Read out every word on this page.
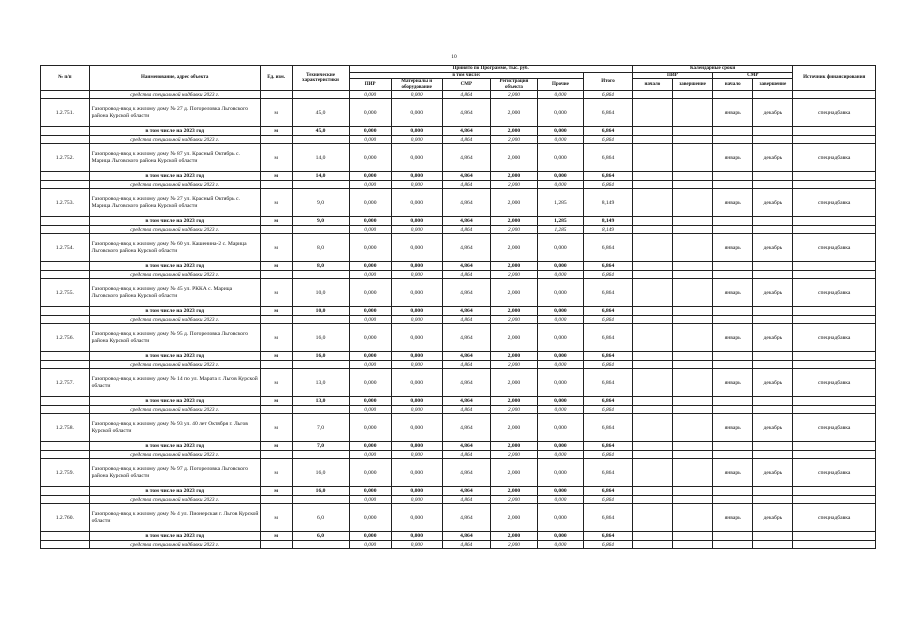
10
№ п/п	Наименование, адрес объекта	Ед. изм.	Технические характеристики	Принято по Программе, тыс. руб.						Календарные сроки				Источник финансирования
				в том числе:					Итого	ПИР		СМР		
				ПИР	Материалы и оборудование	СМР	Регистрация объекта	Прочие		начало	завершение	начало	завершение	

	средства специальной надбавки 2023 г.			0,000	0,000	4,864	2,000	0,000	6,864					
1.2.751.	Газопровод-ввод к жилому дому № 27 д. Погореловка Льговского района Курской области	м	45,0	0,000	0,000	4,864	2,000	0,000	6,864			январь	декабрь	спецнадбавка
	в том числе на 2023 год	м	45,0	0,000	0,000	4,864	2,000	0,000	6,864					
	средства специальной надбавки 2023 г.			0,000	0,000	4,864	2,000	0,000	6,864					
1.2.752.	Газопровод-ввод к жилому дому № 87 ул. Красный Октябрь с. Марица Льговского района Курской области	м	14,0	0,000	0,000	4,864	2,000	0,000	6,864			январь	декабрь	спецнадбавка
	в том числе на 2023 год	м	14,0	0,000	0,000	4,864	2,000	0,000	6,864					
	средства специальной надбавки 2023 г.			0,000	0,000	4,864	2,000	0,000	6,864					
1.2.753.	Газопровод-ввод к жилому дому № 27 ул. Красный Октябрь с. Марица Льговского района Курской области	м	9,0	0,000	0,000	4,864	2,000	1,285	8,149			январь	декабрь	спецнадбавка
	в том числе на 2023 год	м	9,0	0,000	0,000	4,864	2,000	1,285	8,149					
	средства специальной надбавки 2023 г.			0,000	0,000	4,864	2,000	1,285	8,149					
1.2.754.	Газопровод-ввод к жилому дому № 60 ул. Кашенина-2 с. Марица Льговского района Курской области	м	8,0	0,000	0,000	4,864	2,000	0,000	6,864			январь	декабрь	спецнадбавка
	в том числе на 2023 год	м	8,0	0,000	0,000	4,864	2,000	0,000	6,864					
	средства специальной надбавки 2023 г.			0,000	0,000	4,864	2,000	0,000	6,864					
1.2.755.	Газопровод-ввод к жилому дому № 45 ул. РККА с. Марица Льговского района Курской области	м	10,0	0,000	0,000	4,864	2,000	0,000	6,864			январь	декабрь	спецнадбавка
	в том числе на 2023 год	м	10,0	0,000	0,000	4,864	2,000	0,000	6,864					
	средства специальной надбавки 2023 г.			0,000	0,000	4,864	2,000	0,000	6,864					
1.2.756.	Газопровод-ввод к жилому дому № 95 д. Погореловка Льговского района Курской области	м	16,0	0,000	0,000	4,864	2,000	0,000	6,864			январь	декабрь	спецнадбавка
	в том числе на 2023 год	м	16,0	0,000	0,000	4,864	2,000	0,000	6,864					
	средства специальной надбавки 2023 г.			0,000	0,000	4,864	2,000	0,000	6,864					
1.2.757.	Газопровод-ввод к жилому дому № 14 по ул. Марата г. Льгов Курской области	м	13,0	0,000	0,000	4,864	2,000	0,000	6,864			январь	декабрь	спецнадбавка
	в том числе на 2023 год	м	13,0	0,000	0,000	4,864	2,000	0,000	6,864					
	средства специальной надбавки 2023 г.			0,000	0,000	4,864	2,000	0,000	6,864					
1.2.758.	Газопровод-ввод к жилому дому № 93 ул. 40 лет Октября г. Льгов Курской области	м	7,0	0,000	0,000	4,864	2,000	0,000	6,864			январь	декабрь	спецнадбавка
	в том числе на 2023 год	м	7,0	0,000	0,000	4,864	2,000	0,000	6,864					
	средства специальной надбавки 2023 г.			0,000	0,000	4,864	2,000	0,000	6,864					
1.2.759.	Газопровод-ввод к жилому дому № 97 д. Погореловка Льговского района Курской области	м	16,0	0,000	0,000	4,864	2,000	0,000	6,864			январь	декабрь	спецнадбавка
	в том числе на 2023 год	м	16,0	0,000	0,000	4,864	2,000	0,000	6,864					
	средства специальной надбавки 2023 г.			0,000	0,000	4,864	2,000	0,000	6,864					
1.2.760.	Газопровод-ввод к жилому дому № 4 ул. Пионерская г. Льгов Курской области	м	6,0	0,000	0,000	4,864	2,000	0,000	6,864			январь	декабрь	спецнадбавка
	в том числе на 2023 год	м	6,0	0,000	0,000	4,864	2,000	0,000	6,864					
	средства специальной надбавки 2023 г.			0,000	0,000	4,864	2,000	0,000	6,864					
